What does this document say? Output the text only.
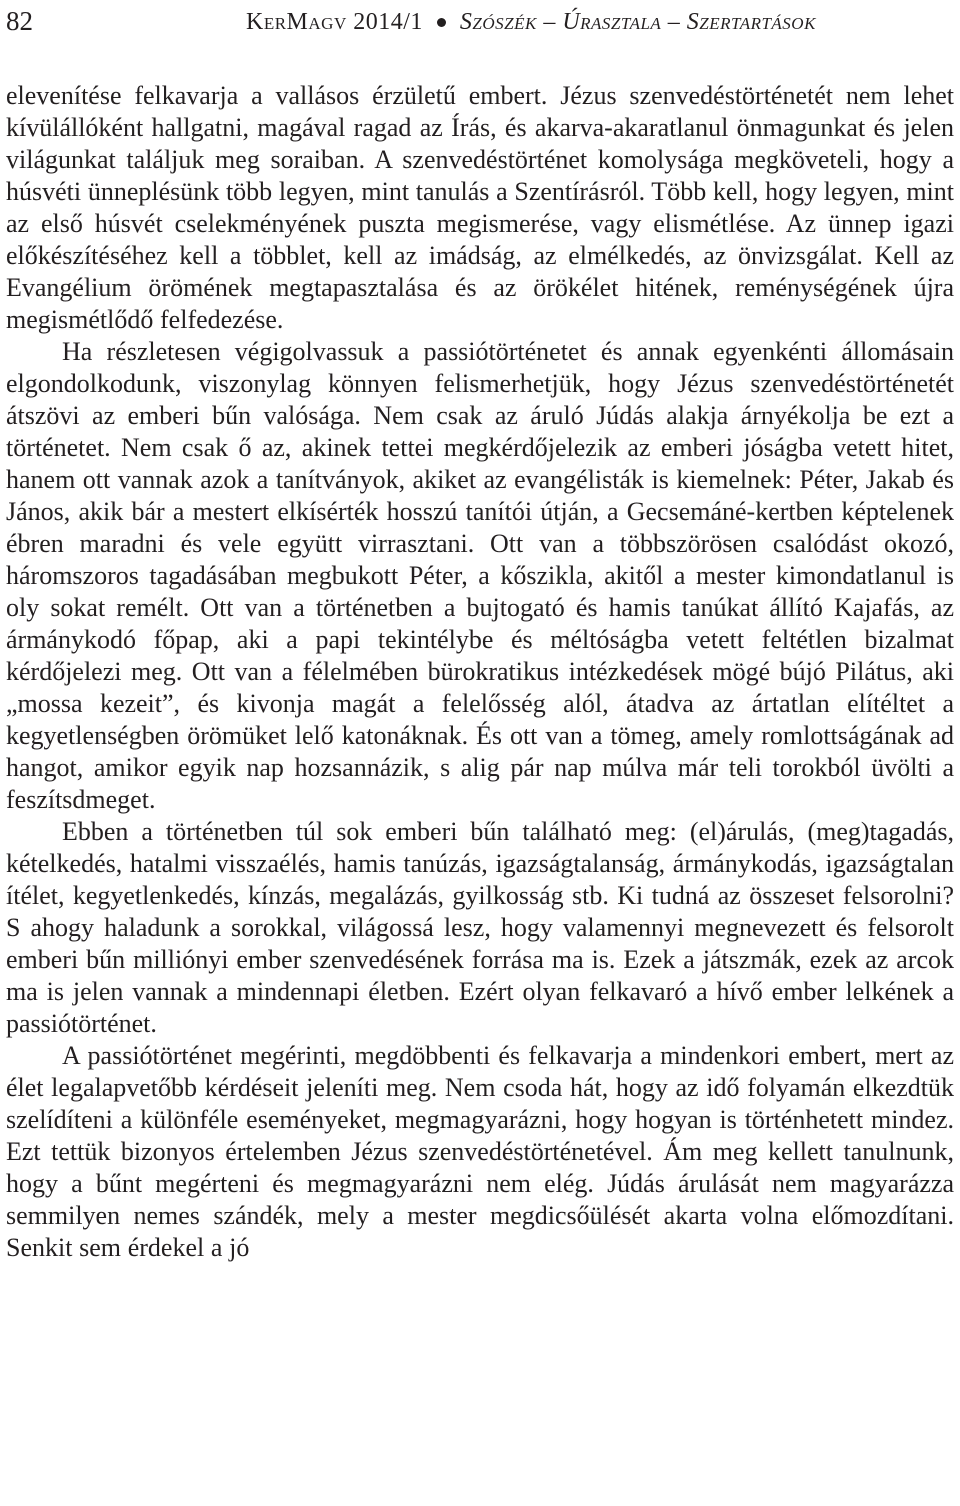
82	KerMagv 2014/1 Szószék – Úrasztala – Szertartások

elevenítése felkavarja a vallásos érzületű embert. Jézus szenvedéstörténetét nem lehet kívülállóként hallgatni, magával ragad az Írás, és akarva-akaratlanul önmagunkat és jelen világunkat találjuk meg soraiban. A szenvedéstörténet komolysága megköveteli, hogy a húsvéti ünneplésünk több legyen, mint tanulás a Szentírásról. Több kell, hogy legyen, mint az első húsvét cselekményének puszta megismerése, vagy elismétlése. Az ünnep igazi előkészítéséhez kell a többlet, kell az imádság, az elmélkedés, az önvizsgálat. Kell az Evangélium örömének megtapasztalása és az örökélet hitének, reménységének újra megismétlődő felfedezése.

Ha részletesen végigolvassuk a passiótörténetet és annak egyenkénti állomásain elgondolkodunk, viszonylag könnyen felismerhetjük, hogy Jézus szenvedéstörténetét átszövi az emberi bűn valósága. Nem csak az áruló Júdás alakja árnyékolja be ezt a történetet. Nem csak ő az, akinek tettei megkérdőjelezik az emberi jóságba vetett hitet, hanem ott vannak azok a tanítványok, akiket az evangélisták is kiemelnek: Péter, Jakab és János, akik bár a mestert elkísérték hosszú tanítói útján, a Gecsemáné-kertben képtelenek ébren maradni és vele együtt virrasztani. Ott van a többszörösen csalódást okozó, háromszoros tagadásában megbukott Péter, a kőszikla, akitől a mester kimondatlanul is oly sokat remélt. Ott van a történetben a bujtogató és hamis tanúkat állító Kajafás, az ármánykodó főpap, aki a papi tekintélybe és méltóságba vetett feltétlen bizalmat kérdőjelezi meg. Ott van a félelmében bürokratikus intézkedések mögé bújó Pilátus, aki „mossa kezeit”, és kivonja magát a felelősség alól, átadva az ártatlan elítéltet a kegyetlenségben örömüket lelő katonáknak. És ott van a tömeg, amely romlottságának ad hangot, amikor egyik nap hozsannázik, s alig pár nap múlva már teli torokból üvölti a feszítsdmeget.

Ebben a történetben túl sok emberi bűn található meg: (el)árulás, (meg)tagadás, kételkedés, hatalmi visszaélés, hamis tanúzás, igazságtalanság, ármánykodás, igazságtalan ítélet, kegyetlenkedés, kínzás, megalázás, gyilkosság stb. Ki tudná az összeset felsorolni? S ahogy haladunk a sorokkal, világossá lesz, hogy valamennyi megnevezett és felsorolt emberi bűn milliónyi ember szenvedésének forrása ma is. Ezek a játszmák, ezek az arcok ma is jelen vannak a mindennapi életben. Ezért olyan felkavaró a hívő ember lelkének a passiótörténet.

A passiótörténet megérinti, megdöbbenti és felkavarja a mindenkori embert, mert az élet legalapvetőbb kérdéseit jeleníti meg. Nem csoda hát, hogy az idő folyamán elkezdtük szelídíteni a különféle eseményeket, megmagyarázni, hogy hogyan is történhetett mindez. Ezt tettük bizonyos értelemben Jézus szenvedéstörténetével. Ám meg kellett tanulnunk, hogy a bűnt megérteni és megmagyarázni nem elég. Júdás árulását nem magyarázza semmilyen nemes szándék, mely a mester megdicsőülését akarta volna előmozdítani. Senkit sem érdekel a jó
